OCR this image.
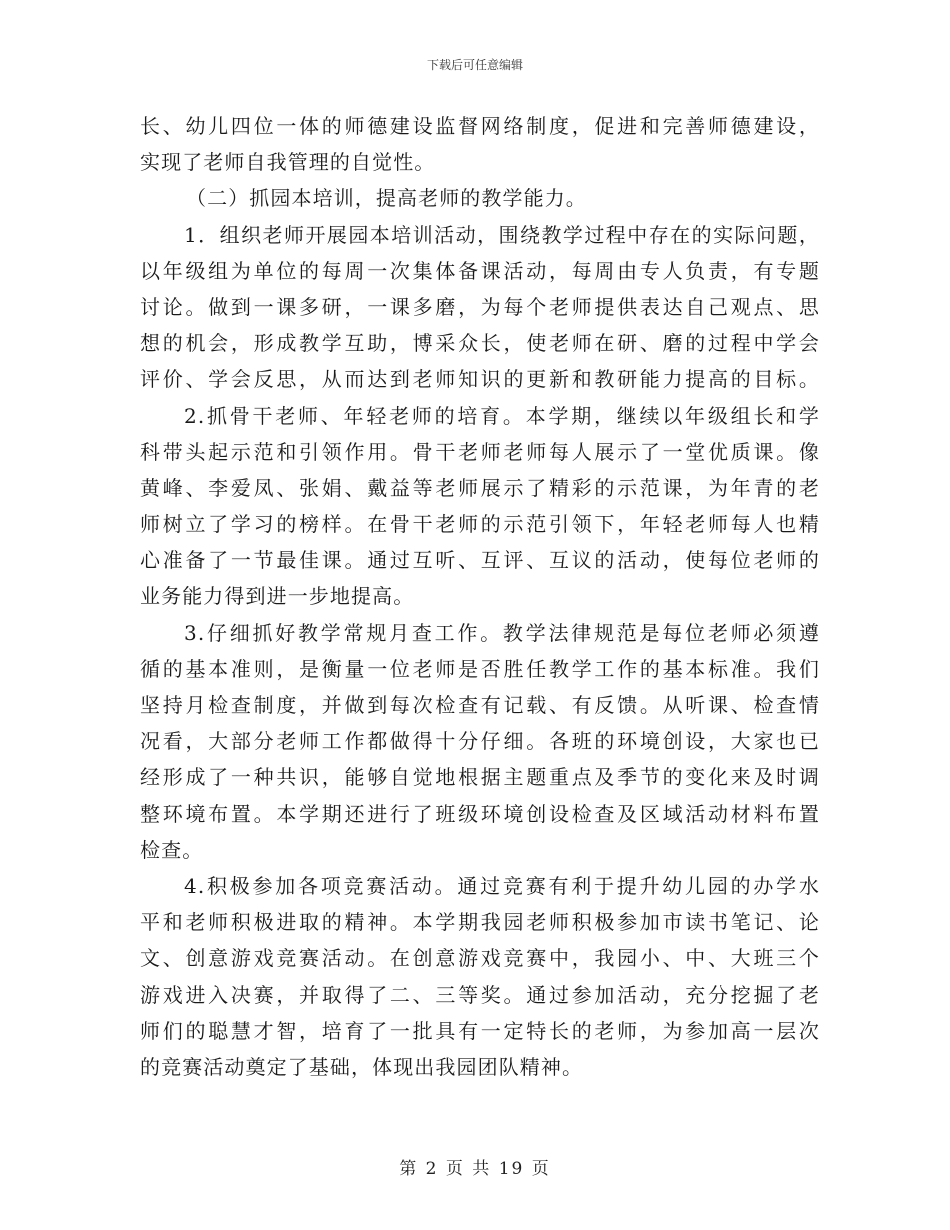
下载后可任意编辑
长、幼儿四位一体的师德建设监督网络制度，促进和完善师德建设，
实现了老师自我管理的自觉性。
（二）抓园本培训，提高老师的教学能力。
1．组织老师开展园本培训活动，围绕教学过程中存在的实际问题，
以年级组为单位的每周一次集体备课活动，每周由专人负责，有专题
讨论。做到一课多研，一课多磨，为每个老师提供表达自己观点、思
想的机会，形成教学互助，博采众长，使老师在研、磨的过程中学会
评价、学会反思，从而达到老师知识的更新和教研能力提高的目标。
2.抓骨干老师、年轻老师的培育。本学期，继续以年级组长和学
科带头起示范和引领作用。骨干老师老师每人展示了一堂优质课。像
黄峰、李爱凤、张娟、戴益等老师展示了精彩的示范课，为年青的老
师树立了学习的榜样。在骨干老师的示范引领下，年轻老师每人也精
心准备了一节最佳课。通过互听、互评、互议的活动，使每位老师的
业务能力得到进一步地提高。
3.仔细抓好教学常规月查工作。教学法律规范是每位老师必须遵
循的基本准则，是衡量一位老师是否胜任教学工作的基本标准。我们
坚持月检查制度，并做到每次检查有记载、有反馈。从听课、检查情
况看，大部分老师工作都做得十分仔细。各班的环境创设，大家也已
经形成了一种共识，能够自觉地根据主题重点及季节的变化来及时调
整环境布置。本学期还进行了班级环境创设检查及区域活动材料布置
检查。
4.积极参加各项竞赛活动。通过竞赛有利于提升幼儿园的办学水
平和老师积极进取的精神。本学期我园老师积极参加市读书笔记、论
文、创意游戏竞赛活动。在创意游戏竞赛中，我园小、中、大班三个
游戏进入决赛，并取得了二、三等奖。通过参加活动，充分挖掘了老
师们的聪慧才智，培育了一批具有一定特长的老师，为参加高一层次
的竞赛活动奠定了基础，体现出我园团队精神。
第 2 页 共 19 页
